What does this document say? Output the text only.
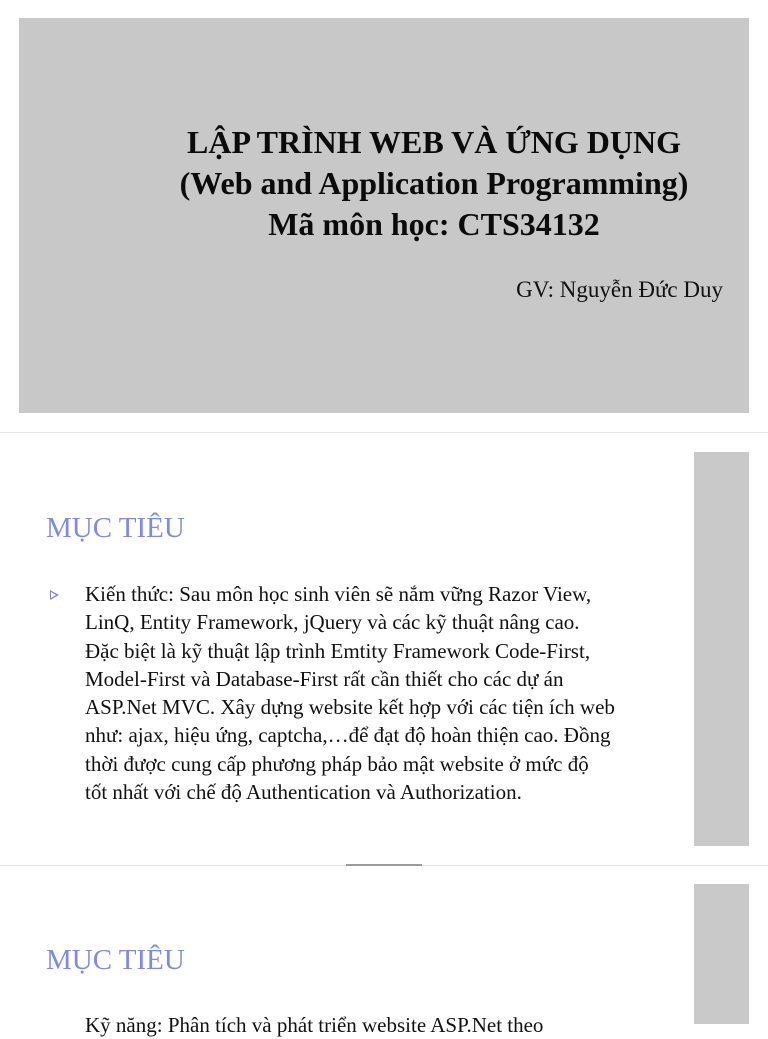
LẬP TRÌNH WEB VÀ ỨNG DỤNG
(Web and Application Programming)
Mã môn học: CTS34132
GV: Nguyễn Đức Duy
MỤC TIÊU
Kiến thức: Sau môn học sinh viên sẽ nắm vững Razor View,
LinQ, Entity Framework, jQuery và các kỹ thuật nâng cao.
Đặc biệt là kỹ thuật lập trình Emtity Framework Code-First,
Model-First và Database-First rất cần thiết cho các dự án
ASP.Net MVC. Xây dựng website kết hợp với các tiện ích web
như: ajax, hiệu ứng, captcha,…để đạt độ hoàn thiện cao. Đồng
thời được cung cấp phương pháp bảo mật website ở mức độ
tốt nhất với chế độ Authentication và Authorization.
MỤC TIÊU
Kỹ năng: Phân tích và phát triển website ASP.Net theo
